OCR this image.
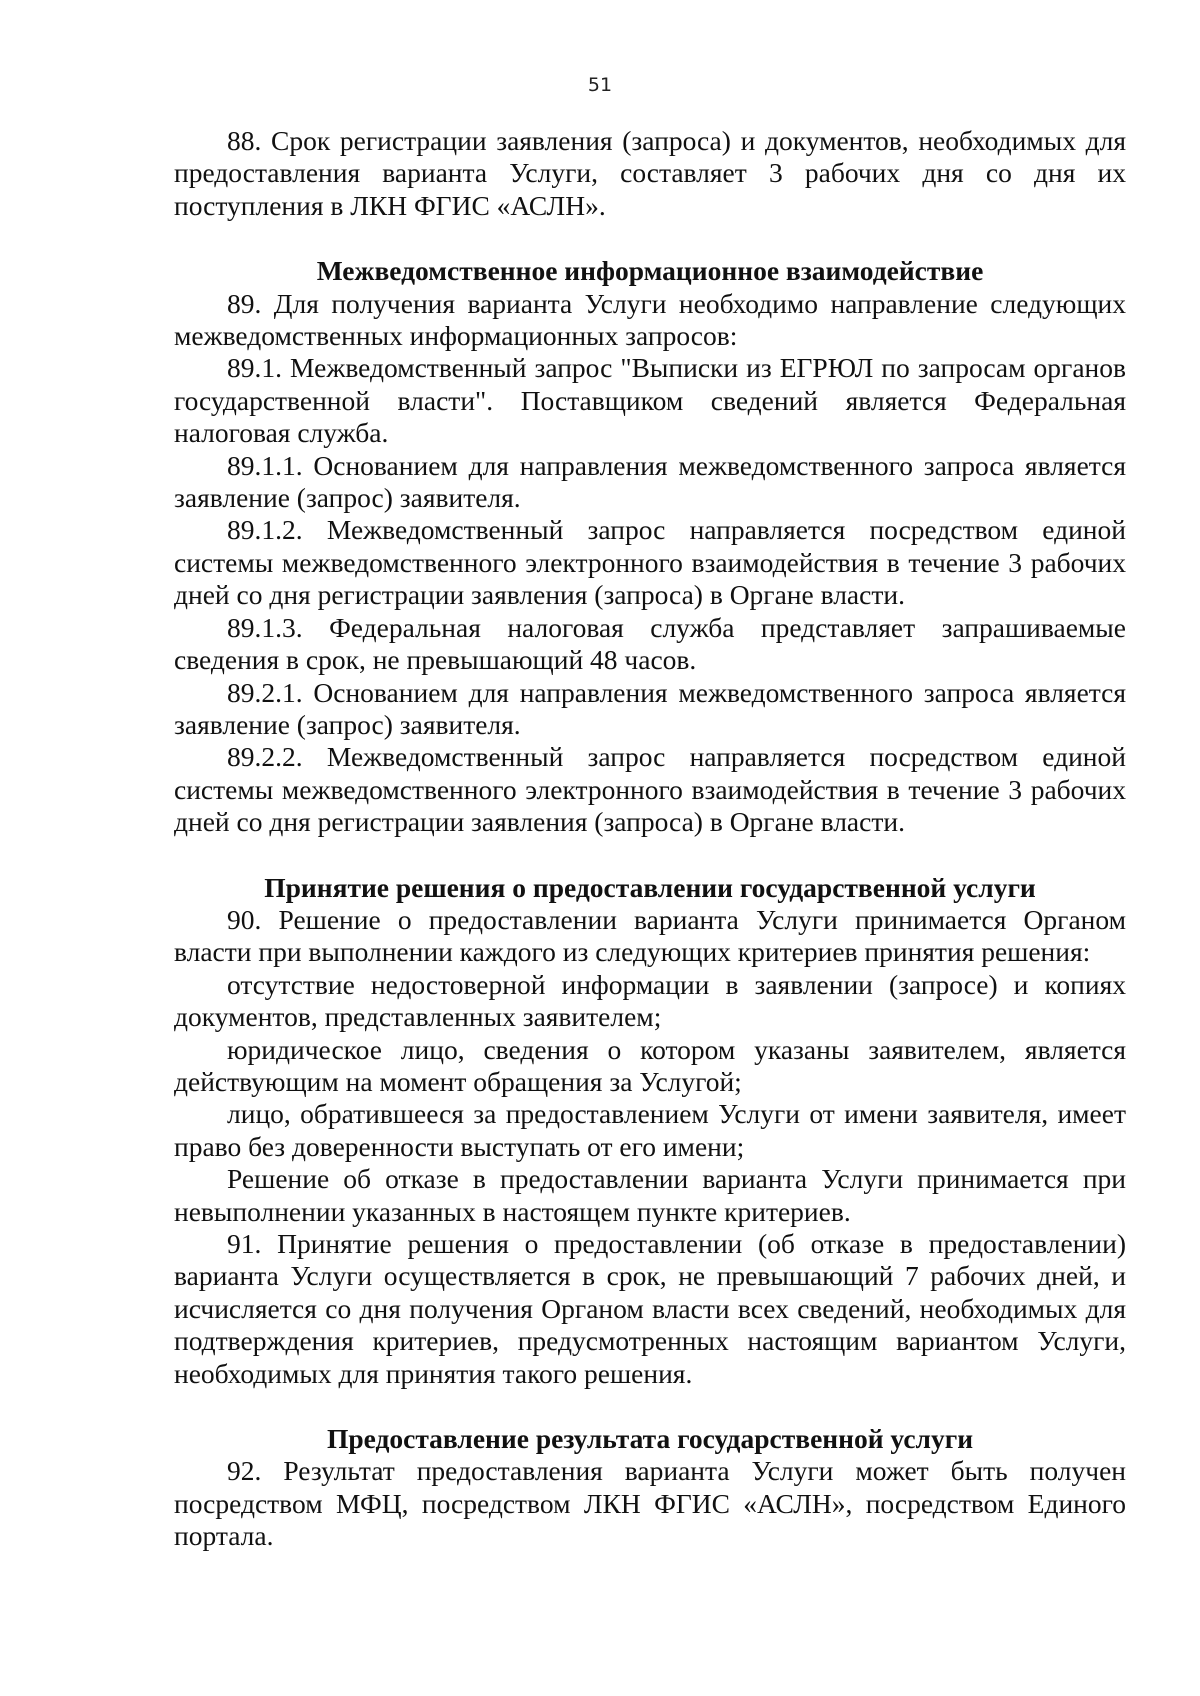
51

88. Срок регистрации заявления (запроса) и документов, необходимых для предоставления варианта Услуги, составляет 3 рабочих дня со дня их поступления в ЛКН ФГИС «АСЛН».

Межведомственное информационное взаимодействие

89. Для получения варианта Услуги необходимо направление следующих межведомственных информационных запросов:

89.1. Межведомственный запрос "Выписки из ЕГРЮЛ по запросам органов государственной власти". Поставщиком сведений является Федеральная налоговая служба.

89.1.1. Основанием для направления межведомственного запроса является заявление (запрос) заявителя.

89.1.2. Межведомственный запрос направляется посредством единой системы межведомственного электронного взаимодействия в течение 3 рабочих дней со дня регистрации заявления (запроса) в Органе власти.

89.1.3. Федеральная налоговая служба представляет запрашиваемые сведения в срок, не превышающий 48 часов.

89.2.1. Основанием для направления межведомственного запроса является заявление (запрос) заявителя.

89.2.2. Межведомственный запрос направляется посредством единой системы межведомственного электронного взаимодействия в течение 3 рабочих дней со дня регистрации заявления (запроса) в Органе власти.

Принятие решения о предоставлении государственной услуги

90. Решение о предоставлении варианта Услуги принимается Органом власти при выполнении каждого из следующих критериев принятия решения:

отсутствие недостоверной информации в заявлении (запросе) и копиях документов, представленных заявителем;

юридическое лицо, сведения о котором указаны заявителем, является действующим на момент обращения за Услугой;

лицо, обратившееся за предоставлением Услуги от имени заявителя, имеет право без доверенности выступать от его имени;

Решение об отказе в предоставлении варианта Услуги принимается при невыполнении указанных в настоящем пункте критериев.

91. Принятие решения о предоставлении (об отказе в предоставлении) варианта Услуги осуществляется в срок, не превышающий 7 рабочих дней, и исчисляется со дня получения Органом власти всех сведений, необходимых для подтверждения критериев, предусмотренных настоящим вариантом Услуги, необходимых для принятия такого решения.

Предоставление результата государственной услуги

92. Результат предоставления варианта Услуги может быть получен посредством МФЦ, посредством ЛКН ФГИС «АСЛН», посредством Единого портала.
